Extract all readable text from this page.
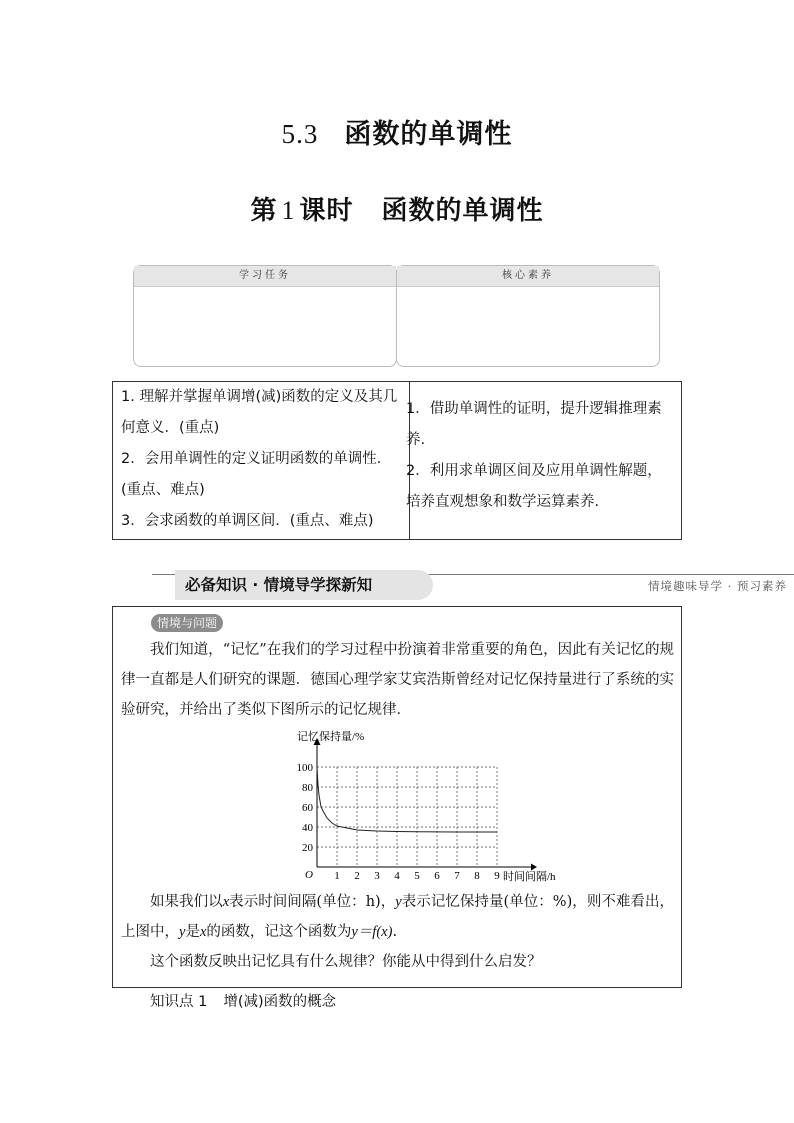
5.3 函数的单调性
第 1 课时 函数的单调性
学习任务	核心素养

1. 理解并掌握单调增(减)函数的定义及其几何意义．(重点)

2．会用单调性的定义证明函数的单调性．(重点、难点)

3．会求函数的单调区间．(重点、难点)

1．借助单调性的证明，提升逻辑推理素养.

2．利用求单调区间及应用单调性解题，培养直观想象和数学运算素养.

必备知识 · 情境导学探新知	情境趣味导学 · 预习素养
情境与问题
我们知道，“记忆”在我们的学习过程中扮演着非常重要的角色，因此有关记忆的规律一直都是人们研究的课题．德国心理学家艾宾浩斯曾经对记忆保持量进行了系统的实验研究，并给出了类似下图所示的记忆规律．
记忆保持量/%
时间间隔/h
O 1 2 3 4 5 6 7 8 9
20
40
60
80
100
如果我们以x表示时间间隔(单位：h)，y表示记忆保持量(单位：%)，则不难看出，上图中，y是x的函数，记这个函数为y＝f(x).
这个函数反映出记忆具有什么规律？你能从中得到什么启发？
知识点 1 增(减)函数的概念
